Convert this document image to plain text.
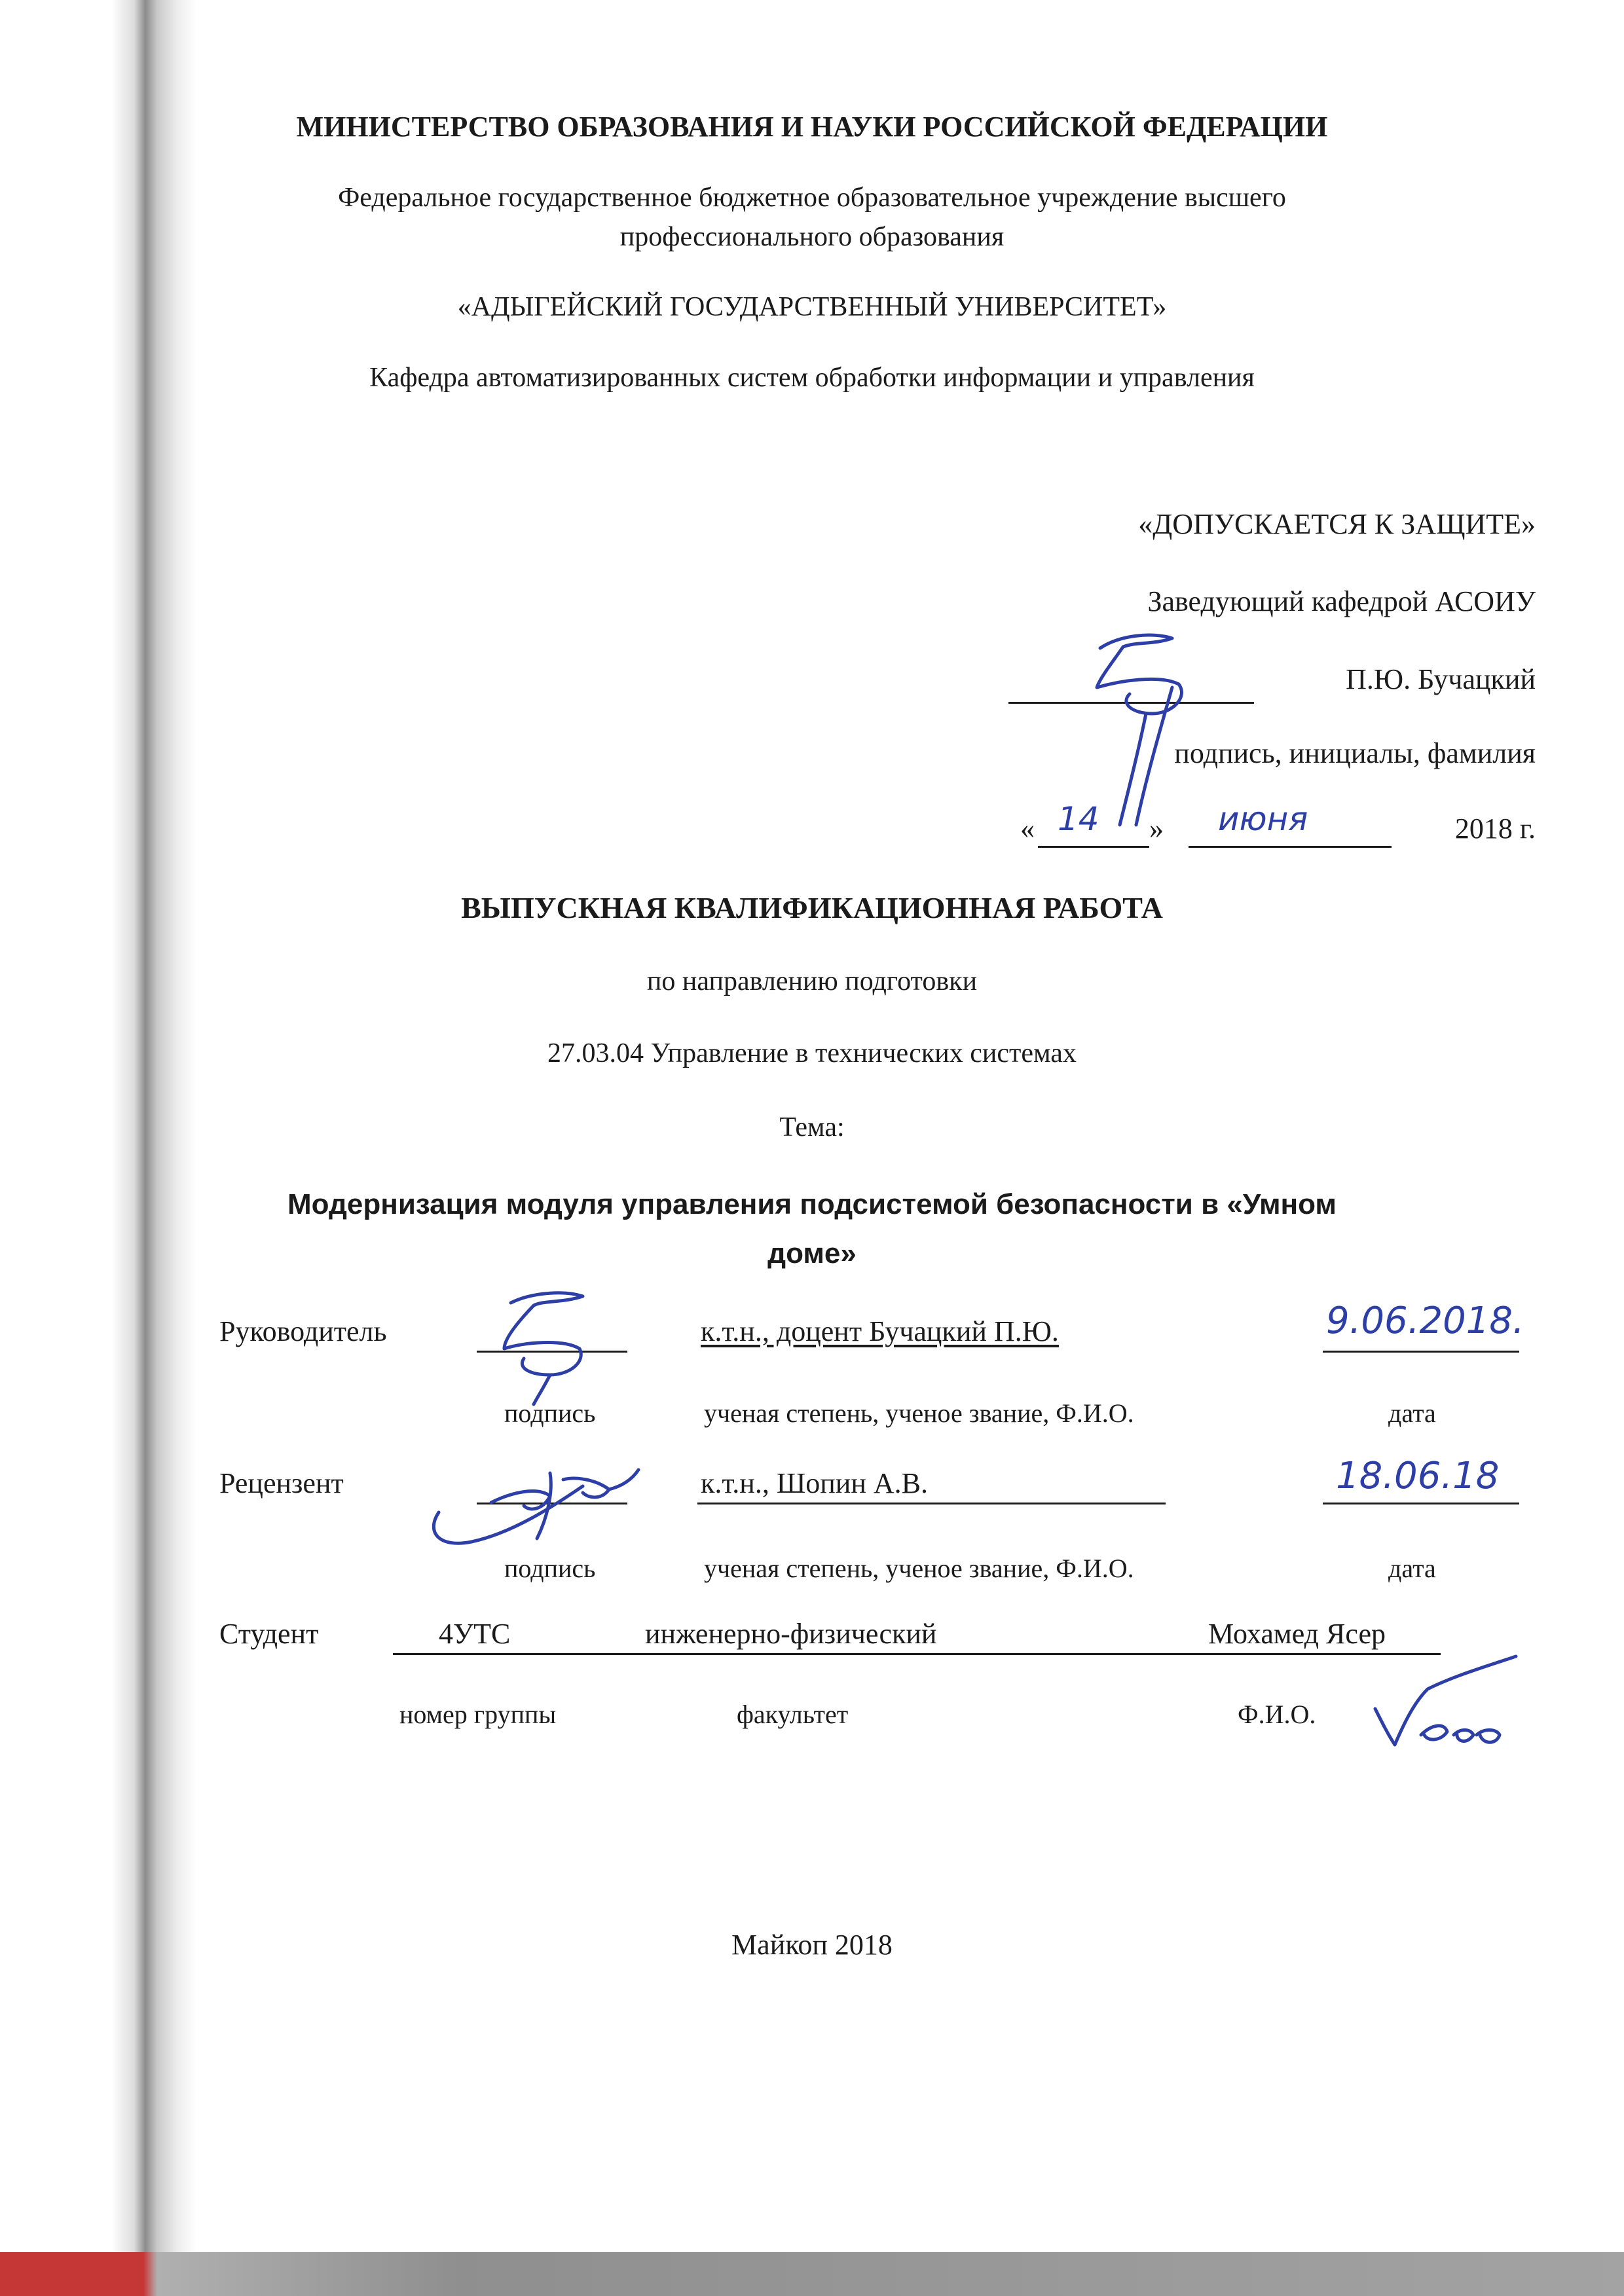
МИНИСТЕРСТВО ОБРАЗОВАНИЯ И НАУКИ РОССИЙСКОЙ ФЕДЕРАЦИИ
Федеральное государственное бюджетное образовательное учреждение высшего
профессионального образования
«АДЫГЕЙСКИЙ ГОСУДАРСТВЕННЫЙ УНИВЕРСИТЕТ»
Кафедра автоматизированных систем обработки информации и управления
«ДОПУСКАЕТСЯ К ЗАЩИТЕ»
Заведующий кафедрой АСОИУ
П.Ю. Бучацкий
подпись, инициалы, фамилия
« 14 » июня	2018 г.
ВЫПУСКНАЯ КВАЛИФИКАЦИОННАЯ РАБОТА
по направлению подготовки
27.03.04 Управление в технических системах
Тема:
Модернизация модуля управления подсистемой безопасности в «Умном
доме»
Руководитель	к.т.н., доцент Бучацкий П.Ю.	9.06.2018.
подпись	ученая степень, ученое звание, Ф.И.О.	дата
Рецензент	к.т.н., Шопин А.В.	18.06.18
подпись	ученая степень, ученое звание, Ф.И.О.	дата
Студент	4УТС	инженерно-физический	Мохамед Ясер
номер группы	факультет	Ф.И.О.
Майкоп 2018
